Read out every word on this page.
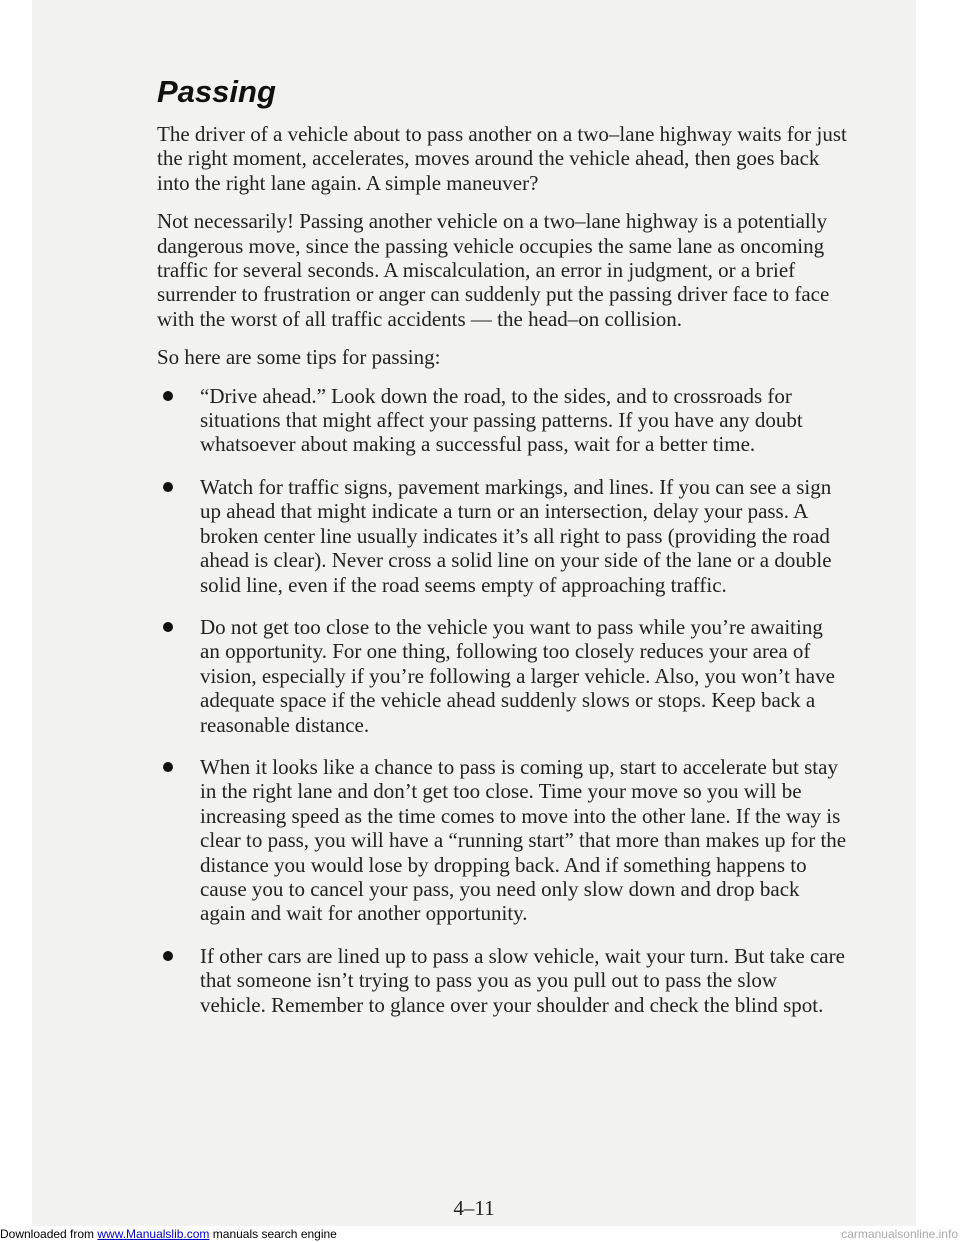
Passing

The driver of a vehicle about to pass another on a two–lane highway waits for just the right moment, accelerates, moves around the vehicle ahead, then goes back into the right lane again. A simple maneuver?

Not necessarily! Passing another vehicle on a two–lane highway is a potentially dangerous move, since the passing vehicle occupies the same lane as oncoming traffic for several seconds. A miscalculation, an error in judgment, or a brief surrender to frustration or anger can suddenly put the passing driver face to face with the worst of all traffic accidents — the head–on collision.

So here are some tips for passing:

“Drive ahead.” Look down the road, to the sides, and to crossroads for situations that might affect your passing patterns. If you have any doubt whatsoever about making a successful pass, wait for a better time.
Watch for traffic signs, pavement markings, and lines. If you can see a sign up ahead that might indicate a turn or an intersection, delay your pass. A broken center line usually indicates it’s all right to pass (providing the road ahead is clear). Never cross a solid line on your side of the lane or a double solid line, even if the road seems empty of approaching traffic.
Do not get too close to the vehicle you want to pass while you’re awaiting an opportunity. For one thing, following too closely reduces your area of vision, especially if you’re following a larger vehicle. Also, you won’t have adequate space if the vehicle ahead suddenly slows or stops. Keep back a reasonable distance.
When it looks like a chance to pass is coming up, start to accelerate but stay in the right lane and don’t get too close. Time your move so you will be increasing speed as the time comes to move into the other lane. If the way is clear to pass, you will have a “running start” that more than makes up for the distance you would lose by dropping back. And if something happens to cause you to cancel your pass, you need only slow down and drop back again and wait for another opportunity.
If other cars are lined up to pass a slow vehicle, wait your turn. But take care that someone isn’t trying to pass you as you pull out to pass the slow vehicle. Remember to glance over your shoulder and check the blind spot.
4–11
Downloaded from www.Manualslib.com manuals search engine	carmanualsonline.info
